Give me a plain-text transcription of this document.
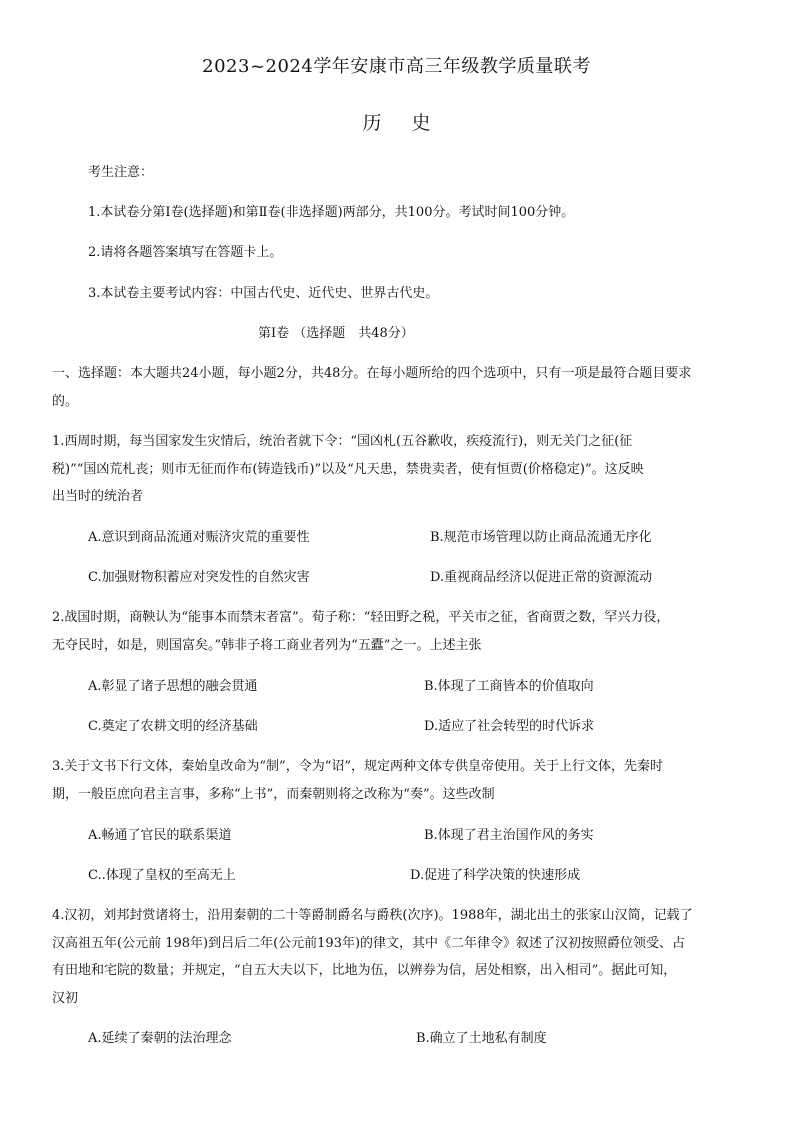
2023~2024学年安康市高三年级教学质量联考
历 史
考生注意：
1.本试卷分第Ⅰ卷(选择题)和第Ⅱ卷(非选择题)两部分，共100分。考试时间100分钟。
2.请将各题答案填写在答题卡上。
3.本试卷主要考试内容：中国古代史、近代史、世界古代史。
第Ⅰ卷 （选择题　共48分）
一、选择题：本大题共24小题，每小题2分，共48分。在每小题所给的四个选项中，只有一项是最符合题目要求
的。
1.西周时期，每当国家发生灾情后，统治者就下令：“国凶札(五谷歉收，疾疫流行)，则无关门之征(征
税)”“国凶荒札丧；则市无征而作布(铸造钱币)”以及“凡天患，禁贵卖者，使有恒贾(价格稳定)”。这反映
出当时的统治者
A.意识到商品流通对赈济灾荒的重要性	B.规范市场管理以防止商品流通无序化
C.加强财物积蓄应对突发性的自然灾害	D.重视商品经济以促进正常的资源流动
2.战国时期，商鞅认为“能事本而禁末者富”。荀子称：“轻田野之税，平关市之征，省商贾之数，罕兴力役，
无夺民时，如是，则国富矣。”韩非子将工商业者列为“五蠹”之一。上述主张
A.彰显了诸子思想的融会贯通	B.体现了工商皆本的价值取向
C.奠定了农耕文明的经济基础	D.适应了社会转型的时代诉求
3.关于文书下行文体，秦始皇改命为“制”，令为“诏”，规定两种文体专供皇帝使用。关于上行文体，先秦时
期，一般臣庶向君主言事，多称“上书”，而秦朝则将之改称为“奏”。这些改制
A.畅通了官民的联系渠道	B.体现了君主治国作风的务实
C..体现了皇权的至高无上	D.促进了科学决策的快速形成
4.汉初，刘邦封赏诸将士，沿用秦朝的二十等爵制爵名与爵秩(次序)。1988年，湖北出土的张家山汉简，记载了
汉高祖五年(公元前 198年)到吕后二年(公元前193年)的律文，其中《二年律令》叙述了汉初按照爵位领受、占
有田地和宅院的数量；并规定，“自五大夫以下，比地为伍，以辨券为信，居处相察，出入相司”。据此可知，
汉初
A.延续了秦朝的法治理念	B.确立了土地私有制度
